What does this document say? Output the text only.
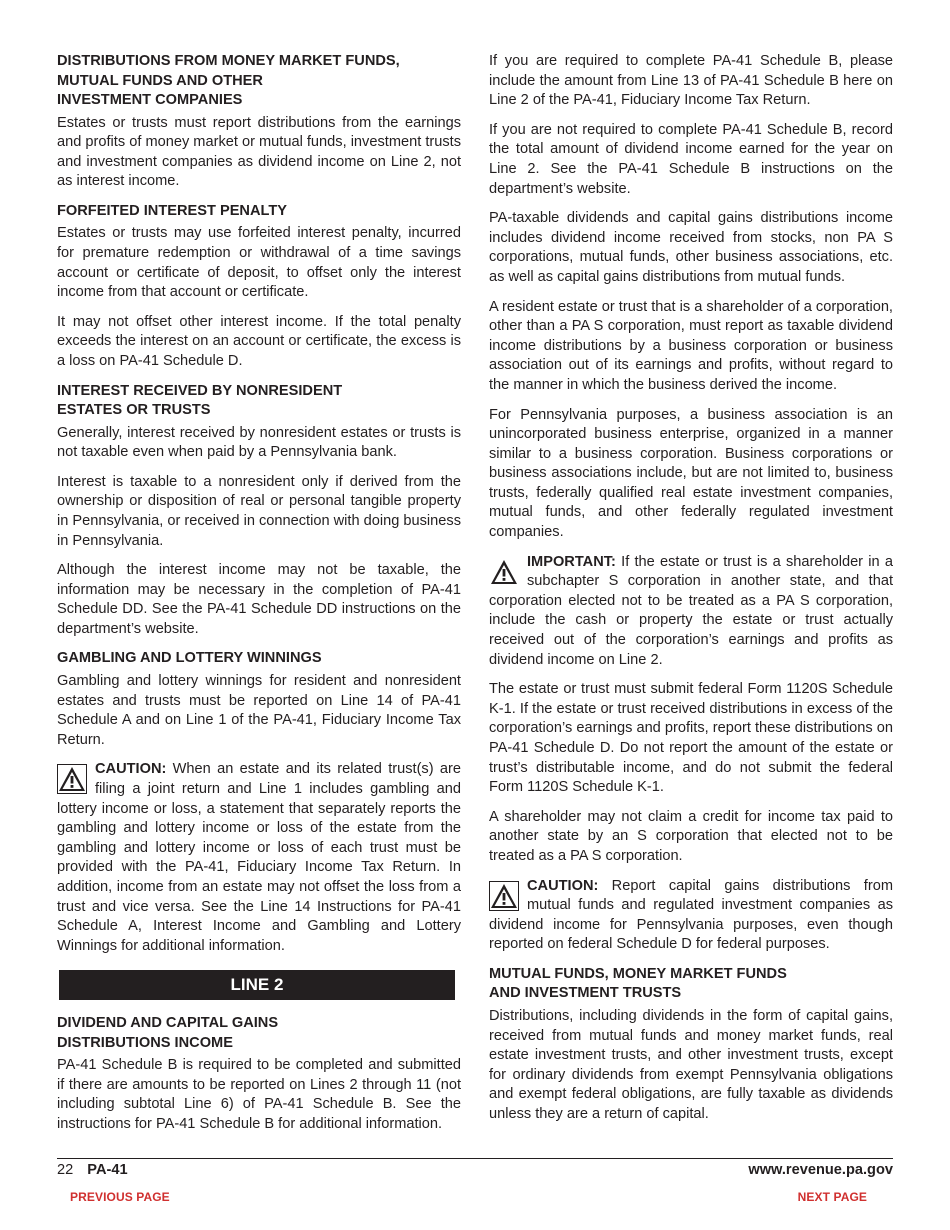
DISTRIBUTIONS FROM MONEY MARKET FUNDS,
MUTUAL FUNDS AND OTHER
INVESTMENT COMPANIES

Estates or trusts must report distributions from the earnings and profits of money market or mutual funds, investment trusts and investment companies as dividend income on Line 2, not as interest income.

FORFEITED INTEREST PENALTY

Estates or trusts may use forfeited interest penalty, incurred for premature redemption or withdrawal of a time savings account or certificate of deposit, to offset only the interest income from that account or certificate.

It may not offset other interest income. If the total penalty exceeds the interest on an account or certificate, the excess is a loss on PA-41 Schedule D.

INTEREST RECEIVED BY NONRESIDENT
ESTATES OR TRUSTS

Generally, interest received by nonresident estates or trusts is not taxable even when paid by a Pennsylvania bank.

Interest is taxable to a nonresident only if derived from the ownership or disposition of real or personal tangible property in Pennsylvania, or received in connection with doing business in Pennsylvania.

Although the interest income may not be taxable, the information may be necessary in the completion of PA-41 Schedule DD. See the PA-41 Schedule DD instructions on the department’s website.

GAMBLING AND LOTTERY WINNINGS

Gambling and lottery winnings for resident and nonresident estates and trusts must be reported on Line 14 of PA-41 Schedule A and on Line 1 of the PA-41, Fiduciary Income Tax Return.

CAUTION: When an estate and its related trust(s) are filing a joint return and Line 1 includes gambling and lottery income or loss, a statement that separately reports the gambling and lottery income or loss of the estate from the gambling and lottery income or loss of each trust must be provided with the PA-41, Fiduciary Income Tax Return. In addition, income from an estate may not offset the loss from a trust and vice versa. See the Line 14 Instructions for PA-41 Schedule A, Interest Income and Gambling and Lottery Winnings for additional information.

LINE 2
DIVIDEND AND CAPITAL GAINS
DISTRIBUTIONS INCOME

PA-41 Schedule B is required to be completed and submitted if there are amounts to be reported on Lines 2 through 11 (not including subtotal Line 6) of PA-41 Schedule B. See the instructions for PA-41 Schedule B for additional information.

If you are required to complete PA-41 Schedule B, please include the amount from Line 13 of PA-41 Schedule B here on Line 2 of the PA-41, Fiduciary Income Tax Return.

If you are not required to complete PA-41 Schedule B, record the total amount of dividend income earned for the year on Line 2. See the PA-41 Schedule B instructions on the department’s website.

PA-taxable dividends and capital gains distributions income includes dividend income received from stocks, non PA S corporations, mutual funds, other business associations, etc. as well as capital gains distributions from mutual funds.

A resident estate or trust that is a shareholder of a corporation, other than a PA S corporation, must report as taxable dividend income distributions by a business corporation or business association out of its earnings and profits, without regard to the manner in which the business derived the income.

For Pennsylvania purposes, a business association is an unincorporated business enterprise, organized in a manner similar to a business corporation. Business corporations or business associations include, but are not limited to, business trusts, federally qualified real estate investment companies, mutual funds, and other federally regulated investment companies.

IMPORTANT: If the estate or trust is a shareholder in a subchapter S corporation in another state, and that corporation elected not to be treated as a PA S corporation, include the cash or property the estate or trust actually received out of the corporation’s earnings and profits as dividend income on Line 2.

The estate or trust must submit federal Form 1120S Schedule K-1. If the estate or trust received distributions in excess of the corporation’s earnings and profits, report these distributions on PA-41 Schedule D. Do not report the amount of the estate or trust’s distributable income, and do not submit the federal Form 1120S Schedule K-1.

A shareholder may not claim a credit for income tax paid to another state by an S corporation that elected not to be treated as a PA S corporation.

CAUTION: Report capital gains distributions from mutual funds and regulated investment companies as dividend income for Pennsylvania purposes, even though reported on federal Schedule D for federal purposes.

MUTUAL FUNDS, MONEY MARKET FUNDS
AND INVESTMENT TRUSTS

Distributions, including dividends in the form of capital gains, received from mutual funds and money market funds, real estate investment trusts, and other investment trusts, except for ordinary dividends from exempt Pennsylvania obligations and exempt federal obligations, are fully taxable as dividends unless they are a return of capital.

22 PA-41	www.revenue.pa.gov
PREVIOUS PAGE	NEXT PAGE
